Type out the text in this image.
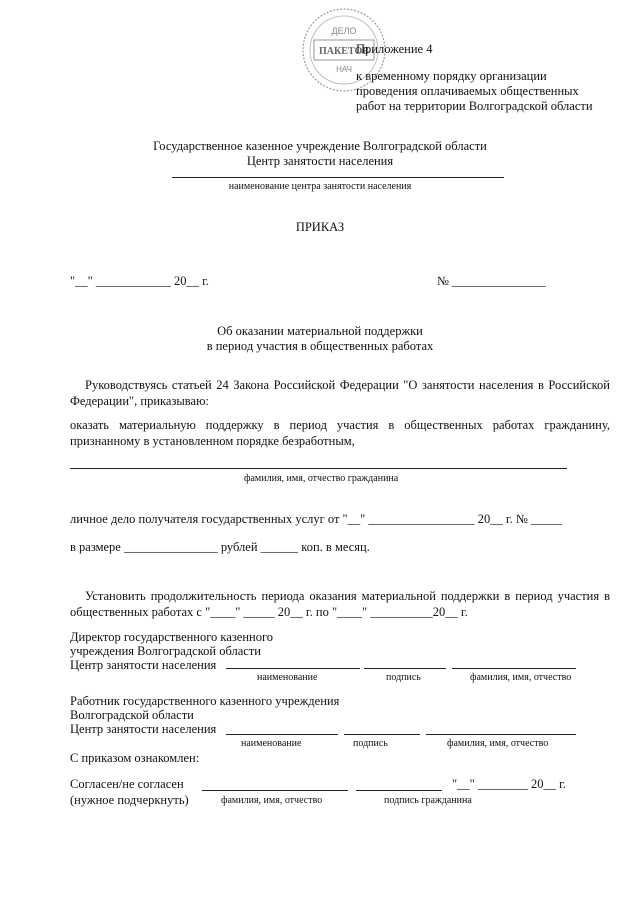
ДЕЛО
ПАКЕТОВ
НАЧ
Приложение 4
к временному порядку организации
проведения оплачиваемых общественных
работ на территории Волгоградской области
Государственное казенное учреждение Волгоградской области
Центр занятости населения
наименование центра занятости населения
ПРИКАЗ
"__" ____________ 20__ г.	№ _______________
Об оказании материальной поддержки
в период участия в общественных работах
Руководствуясь статьей 24 Закона Российской Федерации "О занятости населения в Российской Федерации", приказываю:
оказать материальную поддержку в период участия в общественных работах гражданину, признанному в установленном порядке безработным,
фамилия, имя, отчество гражданина
личное дело получателя государственных услуг от "__" _________________ 20__ г. № _____
в размере _______________ рублей ______ коп. в месяц.
Установить продолжительность периода оказания материальной поддержки в период участия в общественных работах с "____" _____ 20__ г. по "____" __________20__ г.
Директор государственного казенного
учреждения Волгоградской области
Центр занятости населения
наименование	подпись	фамилия, имя, отчество
Работник государственного казенного учреждения
Волгоградской области
Центр занятости населения
наименование	подпись	фамилия, имя, отчество
С приказом ознакомлен:
Согласен/не согласен	"__" ________ 20__ г.
(нужное подчеркнуть)	фамилия, имя, отчество	подпись гражданина
